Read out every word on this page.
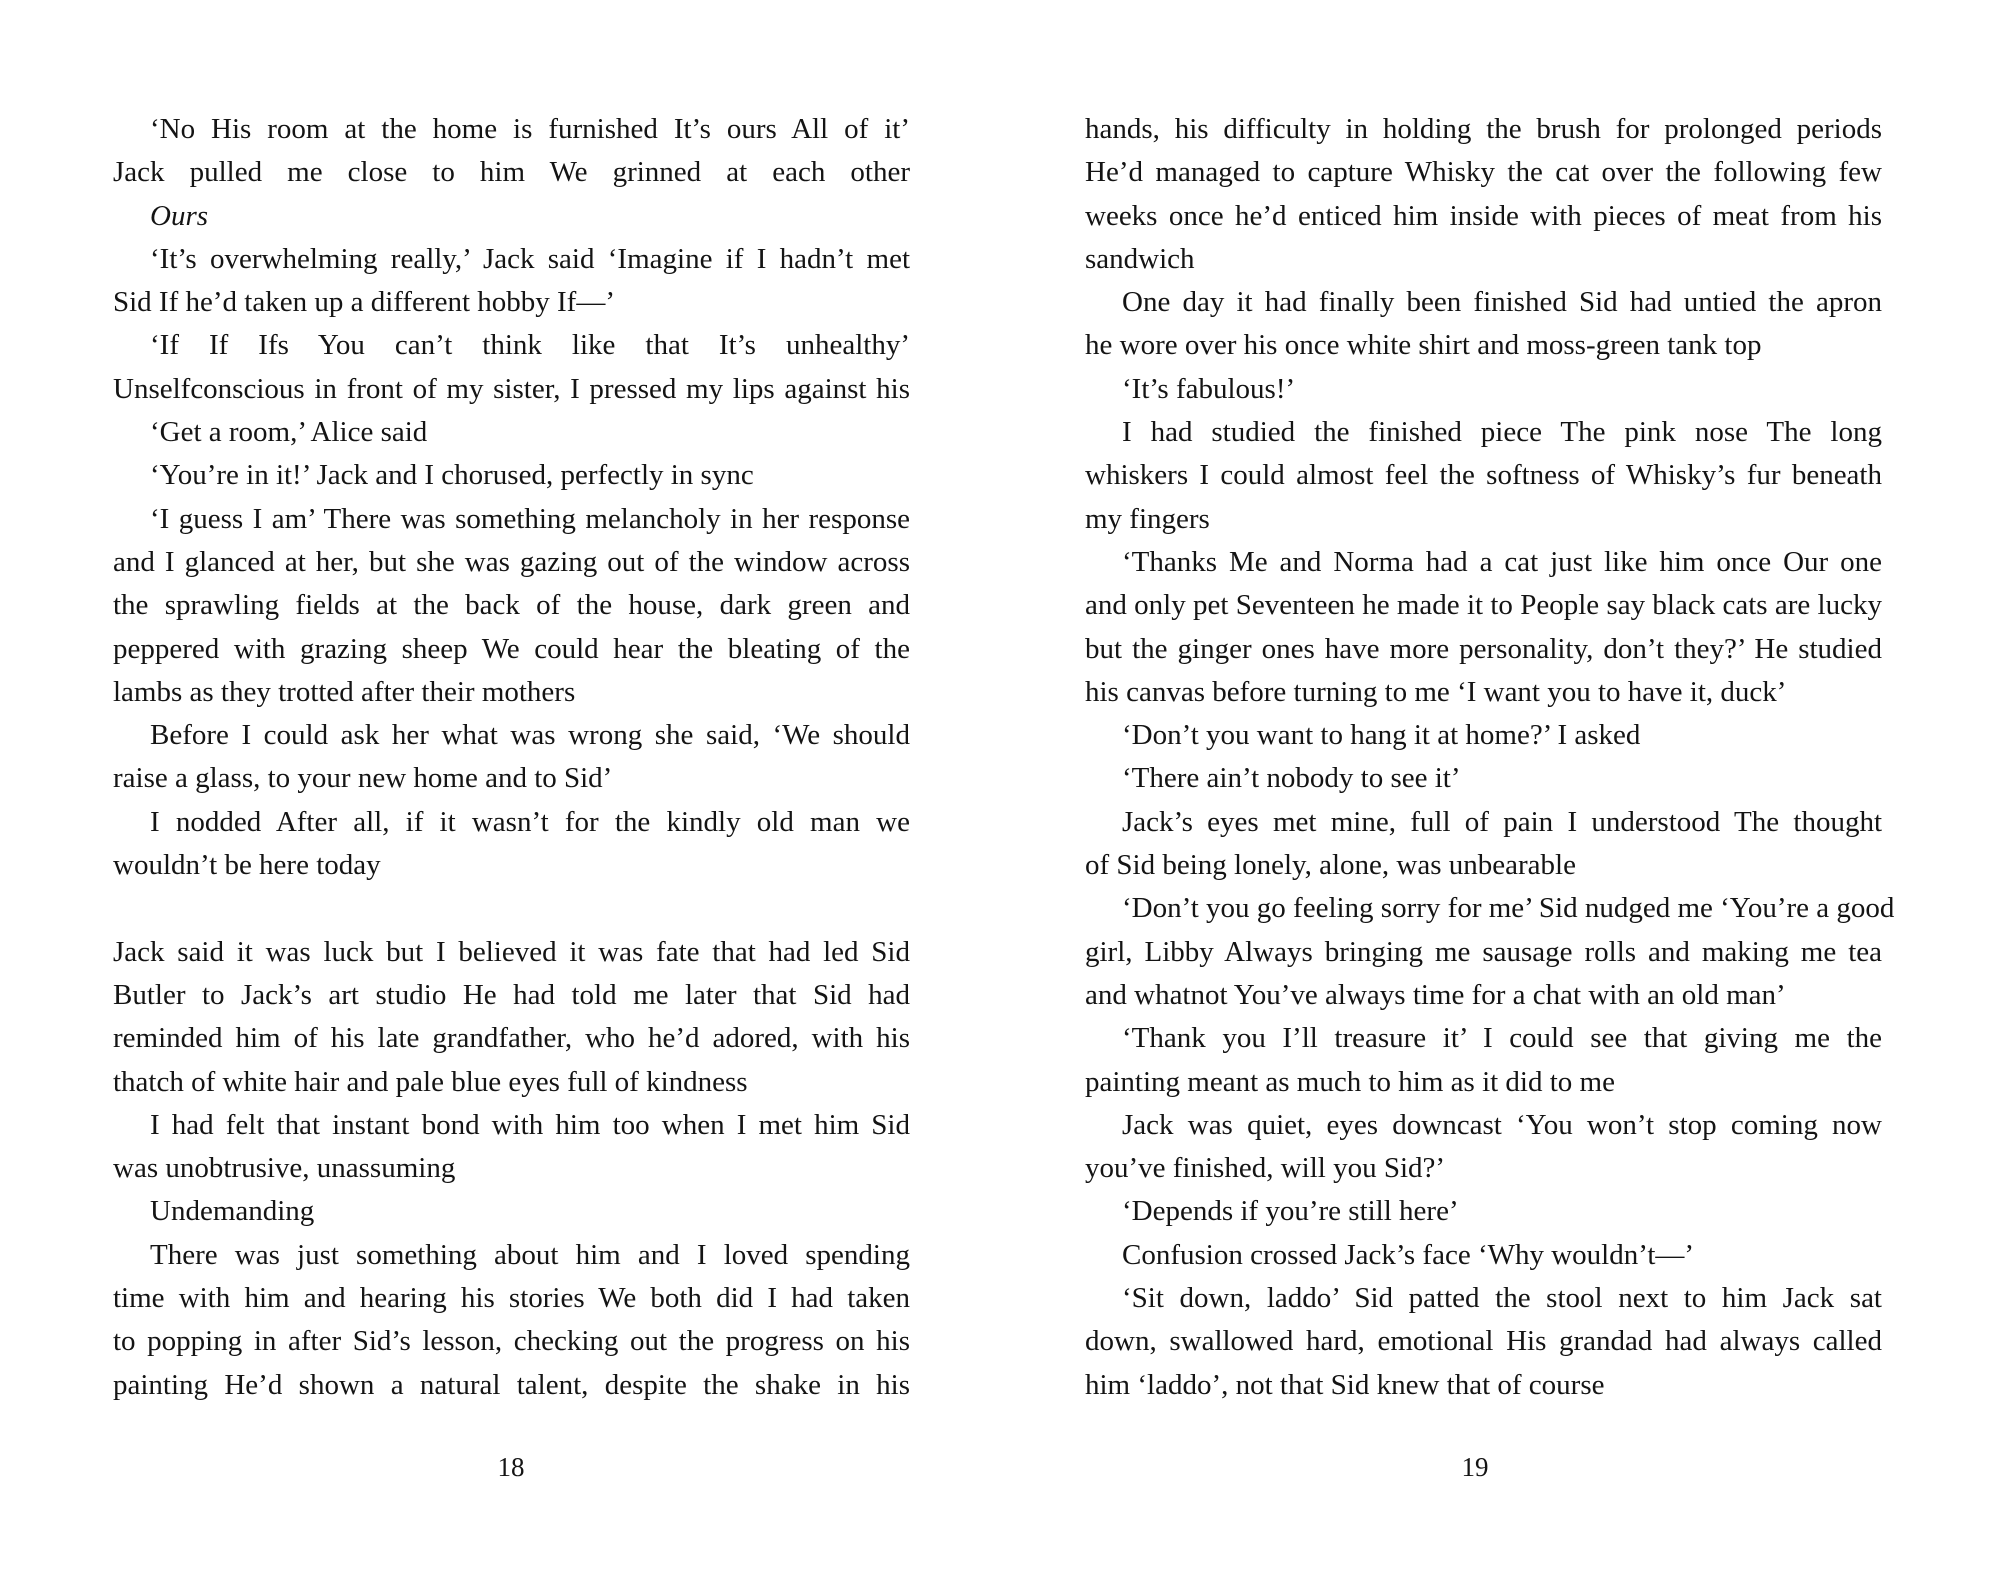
‘No His room at the home is furnished It’s ours All of it’
Jack pulled me close to him We grinned at each other
Ours
‘It’s overwhelming really,’ Jack said ‘Imagine if I hadn’t met
Sid If he’d taken up a different hobby If—’
‘If If Ifs You can’t think like that It’s unhealthy’
Unselfconscious in front of my sister, I pressed my lips against his
‘Get a room,’ Alice said
‘You’re in it!’ Jack and I chorused, perfectly in sync
‘I guess I am’ There was something melancholy in her response
and I glanced at her, but she was gazing out of the window across
the sprawling fields at the back of the house, dark green and
peppered with grazing sheep We could hear the bleating of the
lambs as they trotted after their mothers
Before I could ask her what was wrong she said, ‘We should
raise a glass, to your new home and to Sid’
I nodded After all, if it wasn’t for the kindly old man we
wouldn’t be here today
Jack said it was luck but I believed it was fate that had led Sid
Butler to Jack’s art studio He had told me later that Sid had
reminded him of his late grandfather, who he’d adored, with his
thatch of white hair and pale blue eyes full of kindness
I had felt that instant bond with him too when I met him Sid
was unobtrusive, unassuming
Undemanding
There was just something about him and I loved spending
time with him and hearing his stories We both did I had taken
to popping in after Sid’s lesson, checking out the progress on his
painting He’d shown a natural talent, despite the shake in his
18
hands, his difficulty in holding the brush for prolonged periods
He’d managed to capture Whisky the cat over the following few
weeks once he’d enticed him inside with pieces of meat from his
sandwich
One day it had finally been finished Sid had untied the apron
he wore over his once white shirt and moss-green tank top
‘It’s fabulous!’
I had studied the finished piece The pink nose The long
whiskers I could almost feel the softness of Whisky’s fur beneath
my fingers
‘Thanks Me and Norma had a cat just like him once Our one
and only pet Seventeen he made it to People say black cats are lucky
but the ginger ones have more personality, don’t they?’ He studied
his canvas before turning to me ‘I want you to have it, duck’
‘Don’t you want to hang it at home?’ I asked
‘There ain’t nobody to see it’
Jack’s eyes met mine, full of pain I understood The thought
of Sid being lonely, alone, was unbearable
‘Don’t you go feeling sorry for me’ Sid nudged me ‘You’re a good
girl, Libby Always bringing me sausage rolls and making me tea
and whatnot You’ve always time for a chat with an old man’
‘Thank you I’ll treasure it’ I could see that giving me the
painting meant as much to him as it did to me
Jack was quiet, eyes downcast ‘You won’t stop coming now
you’ve finished, will you Sid?’
‘Depends if you’re still here’
Confusion crossed Jack’s face ‘Why wouldn’t—’
‘Sit down, laddo’ Sid patted the stool next to him Jack sat
down, swallowed hard, emotional His grandad had always called
him ‘laddo’, not that Sid knew that of course
19
